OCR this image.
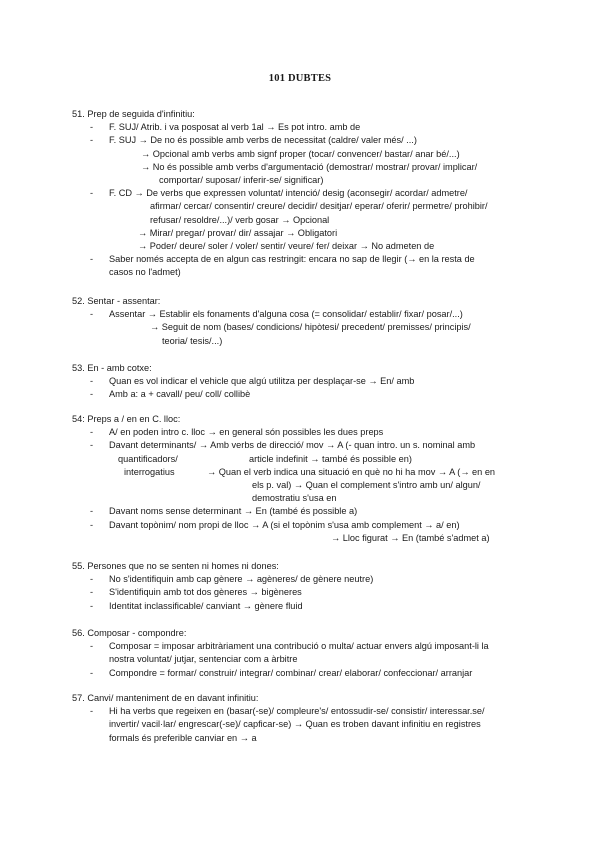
101 DUBTES
51. Prep de seguida d'infinitiu:
- F. SUJ/ Atrib. i va posposat al verb 1al → Es pot intro. amb de
- F. SUJ → De no és possible amb verbs de necessitat (caldre/ valer més/ ...)
→ Opcional amb verbs amb signf proper (tocar/ convencer/ bastar/ anar bé/...)
→ No és possible amb verbs d'argumentació (demostrar/ mostrar/ provar/ implicar/
comportar/ suposar/ inferir-se/ significar)
- F. CD → De verbs que expressen voluntat/ intenció/ desig (aconsegir/ acordar/ admetre/
afirmar/ cercar/ consentir/ creure/ decidir/ desitjar/ eperar/ oferir/ permetre/ prohibir/
refusar/ resoldre/...)/ verb gosar → Opcional
→ Mirar/ pregar/ provar/ dir/ assajar → Obligatori
→ Poder/ deure/ soler / voler/ sentir/ veure/ fer/ deixar → No admeten de
- Saber només accepta de en algun cas restringit: encara no sap de llegir (→ en la resta de
casos no l'admet)
52. Sentar - assentar:
- Assentar → Establir els fonaments d'alguna cosa (= consolidar/ establir/ fixar/ posar/...)
→ Seguit de nom (bases/ condicions/ hipòtesi/ precedent/ premisses/ principis/
teoria/ tesis/...)
53. En - amb cotxe:
- Quan es vol indicar el vehicle que algú utilitza per desplaçar-se → En/ amb
- Amb a: a + cavall/ peu/ coll/ collibè
54: Preps a / en en C. lloc:
- A/ en poden intro c. lloc → en general són possibles les dues preps
- Davant determinants/ → Amb verbs de direcció/ mov → A (- quan intro. un s. nominal amb
quantificadors/	article indefinit → també és possible en)
interrogatius	→ Quan el verb indica una situació en què no hi ha mov → A (→ en en
els p. val) → Quan el complement s'intro amb un/ algun/
demostratiu s'usa en
- Davant noms sense determinant → En (també és possible a)
- Davant topònim/ nom propi de lloc → A (si el topònim s'usa amb complement → a/ en)
→ Lloc figurat → En (també s'admet a)
55. Persones que no se senten ni homes ni dones:
- No s'identifiquin amb cap gènere → agèneres/ de gènere neutre)
- S'identifiquin amb tot dos gèneres → bigèneres
- Identitat inclassificable/ canviant → gènere fluid
56. Composar - compondre:
- Composar = imposar arbitràriament una contribució o multa/ actuar envers algú imposant-li la
nostra voluntat/ jutjar, sentenciar com a àrbitre
- Compondre = formar/ construir/ integrar/ combinar/ crear/ elaborar/ confeccionar/ arranjar
57. Canvi/ manteniment de en davant infinitiu:
- Hi ha verbs que regeixen en (basar(-se)/ compleure's/ entossudir-se/ consistir/ interessar.se/
invertir/ vacil·lar/ engrescar(-se)/ capficar-se) → Quan es troben davant infinitiu en registres
formals és preferible canviar en → a
